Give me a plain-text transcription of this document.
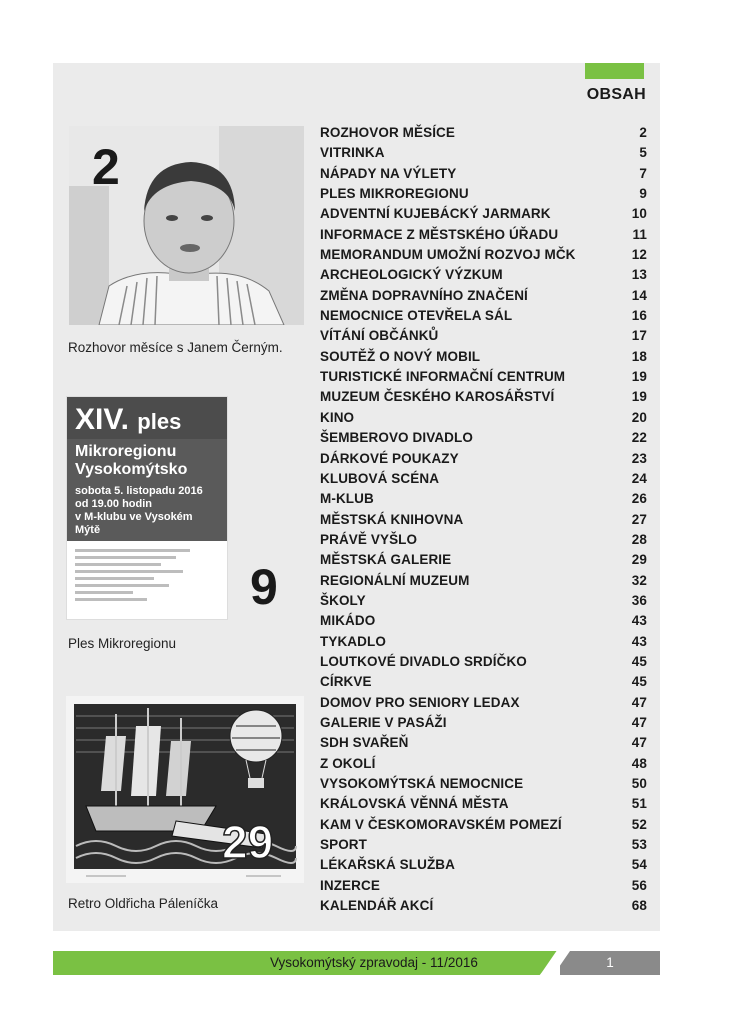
OBSAH
ROZHOVOR MĚSÍCE	2
VITRINKA	5
NÁPADY NA VÝLETY	7
PLES MIKROREGIONU	9
ADVENTNÍ KUJEBÁCKÝ JARMARK	10
INFORMACE Z MĚSTSKÉHO ÚŘADU	11
MEMORANDUM UMOŽNÍ ROZVOJ MČK	12
ARCHEOLOGICKÝ VÝZKUM	13
ZMĚNA DOPRAVNÍHO ZNAČENÍ	14
NEMOCNICE OTEVŘELA SÁL	16
VÍTÁNÍ OBČÁNKŮ	17
SOUTĚŽ O NOVÝ MOBIL	18
TURISTICKÉ INFORMAČNÍ CENTRUM	19
MUZEUM ČESKÉHO KAROSÁŘSTVÍ	19
KINO	20
ŠEMBEROVO DIVADLO	22
DÁRKOVÉ POUKAZY	23
KLUBOVÁ SCÉNA	24
M-KLUB	26
MĚSTSKÁ KNIHOVNA	27
PRÁVĚ VYŠLO	28
MĚSTSKÁ GALERIE	29
REGIONÁLNÍ MUZEUM	32
ŠKOLY	36
MIKÁDO	43
TYKADLO	43
LOUTKOVÉ DIVADLO SRDÍČKO	45
CÍRKVE	45
DOMOV PRO SENIORY LEDAX	47
GALERIE V PASÁŽI	47
SDH SVAŘEŇ	47
Z OKOLÍ	48
VYSOKOMÝTSKÁ NEMOCNICE	50
KRÁLOVSKÁ VĚNNÁ MĚSTA	51
KAM V ČESKOMORAVSKÉM POMEZÍ	52
SPORT	53
LÉKAŘSKÁ SLUŽBA	54
INZERCE	56
KALENDÁŘ AKCÍ	68
2
Rozhovor měsíce s Janem Černým.
XIV. ples
Mikroregionu
Vysokomýtsko
sobota 5. listopadu 2016
od 19.00 hodin
v M-klubu ve Vysokém Mýtě
9
Ples Mikroregionu
29
Retro Oldřicha Páleníčka
Vysokomýtský zpravodaj - 11/2016	1
